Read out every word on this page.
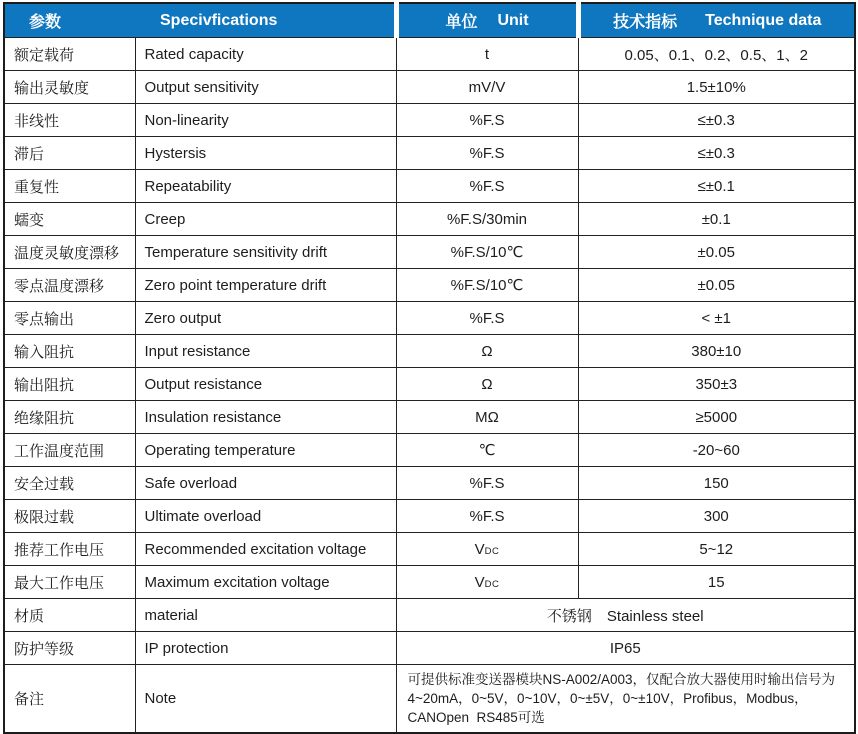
参数	Specivfications	单位 Unit	技术指标 Technique data

额定载荷	Rated capacity	t	0.05、0.1、0.2、0.5、1、2
输出灵敏度	Output sensitivity	mV/V	1.5±10%
非线性	Non-linearity	%F.S	≤±0.3
滞后	Hystersis	%F.S	≤±0.3
重复性	Repeatability	%F.S	≤±0.1
蠕变	Creep	%F.S/30min	±0.1
温度灵敏度漂移	Temperature sensitivity drift	%F.S/10℃	±0.05
零点温度漂移	Zero point temperature drift	%F.S/10℃	±0.05
零点输出	Zero output	%F.S	< ±1
输入阻抗	Input resistance	Ω	380±10
输出阻抗	Output resistance	Ω	350±3
绝缘阻抗	Insulation resistance	MΩ	≥5000
工作温度范围	Operating temperature	℃	-20~60
安全过载	Safe overload	%F.S	150
极限过载	Ultimate overload	%F.S	300
推荐工作电压	Recommended excitation voltage	VDC	5~12
最大工作电压	Maximum excitation voltage	VDC	15
材质	material	不锈钢　Stainless steel	
防护等级	IP protection	IP65	
备注	Note	可提供标准变送器模块NS-A002/A003，仅配合放大器使用时输出信号为
4~20mA，0~5V，0~10V，0~±5V，0~±10V，Profibus，Modbus，
CANOpen  RS485可选	
